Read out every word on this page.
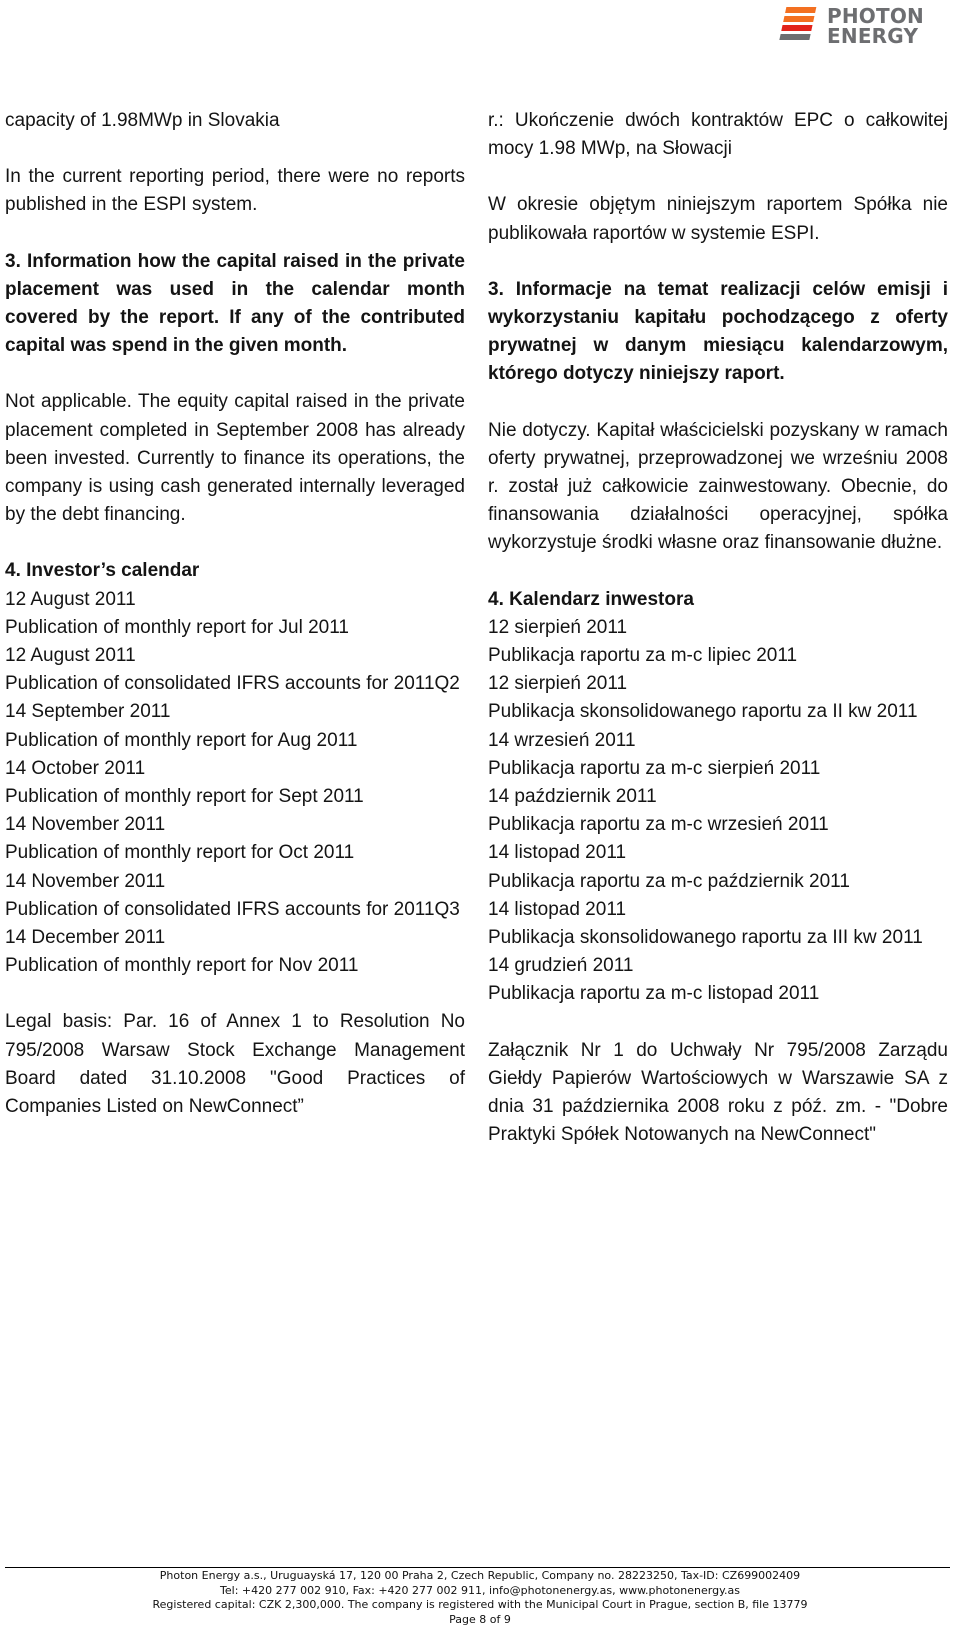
PHOTON
ENERGY

capacity of 1.98MWp in Slovakia

In the current reporting period, there were no reports published in the ESPI system.

3. Information how the capital raised in the private placement was used in the calendar month covered by the report. If any of the contributed capital was spend in the given month.

Not applicable. The equity capital raised in the private placement completed in September 2008 has already been invested. Currently to finance its operations, the company is using cash generated internally leveraged by the debt financing.

4. Investor’s calendar

12 August 2011

Publication of monthly report for Jul 2011

12 August 2011

Publication of consolidated IFRS accounts for 2011Q2

14 September 2011

Publication of monthly report for Aug 2011

14 October 2011

Publication of monthly report for Sept 2011

14 November 2011

Publication of monthly report for Oct 2011

14 November 2011

Publication of consolidated IFRS accounts for 2011Q3

14 December 2011

Publication of monthly report for Nov 2011

Legal basis: Par. 16 of Annex 1 to Resolution No 795/2008 Warsaw Stock Exchange Management Board dated 31.10.2008 "Good Practices of Companies Listed on NewConnect”

r.: Ukończenie dwóch kontraktów EPC o całkowitej mocy 1.98 MWp, na Słowacji

W okresie objętym niniejszym raportem Spółka nie publikowała raportów w systemie ESPI.

3. Informacje na temat realizacji celów emisji i wykorzystaniu kapitału pochodzącego z oferty prywatnej w danym miesiącu kalendarzowym, którego dotyczy niniejszy raport.

Nie dotyczy. Kapitał właścicielski pozyskany w ramach oferty prywatnej, przeprowadzonej we wrześniu 2008 r. został już całkowicie zainwestowany. Obecnie, do finansowania działalności operacyjnej, spółka wykorzystuje środki własne oraz finansowanie dłużne.

4. Kalendarz inwestora

12 sierpień 2011

Publikacja raportu za m-c lipiec 2011

12 sierpień 2011

Publikacja skonsolidowanego raportu za II kw 2011

14 wrzesień 2011

Publikacja raportu za m-c sierpień 2011

14 październik 2011

Publikacja raportu za m-c wrzesień 2011

14 listopad 2011

Publikacja raportu za m-c październik 2011

14 listopad 2011

Publikacja skonsolidowanego raportu za III kw 2011

14 grudzień 2011

Publikacja raportu za m-c listopad 2011

Załącznik Nr 1 do Uchwały Nr 795/2008 Zarządu Giełdy Papierów Wartościowych w Warszawie SA z dnia 31 października 2008 roku z póź. zm. - "Dobre Praktyki Spółek Notowanych na NewConnect"

Photon Energy a.s., Uruguayská 17, 120 00 Praha 2, Czech Republic, Company no. 28223250, Tax-ID: CZ699002409
Tel: +420 277 002 910, Fax: +420 277 002 911, info@photonenergy.as, www.photonenergy.as
Registered capital: CZK 2,300,000. The company is registered with the Municipal Court in Prague, section B, file 13779
Page 8 of 9
